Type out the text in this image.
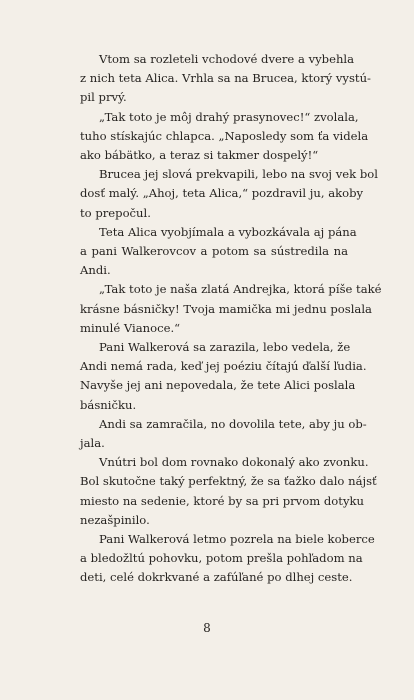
Vtom sa rozleteli vchodové dvere a vybehla
z nich teta Alica. Vrhla sa na Brucea, ktorý vystú-
pil prvý.

„Tak toto je môj drahý prasynovec!“ zvolala,
tuho stískajúc chlapca. „Naposledy som ťa videla
ako bábätko, a teraz si takmer dospelý!“

Brucea jej slová prekvapili, lebo na svoj vek bol
dosť malý. „Ahoj, teta Alica,“ pozdravil ju, akoby
to prepočul.

Teta Alica vyobjímala a vybozkávala aj pána
a pani Walkerovcov a potom sa sústredila na
Andi.

„Tak toto je naša zlatá Andrejka, ktorá píše také
krásne básničky! Tvoja mamička mi jednu poslala
minulé Vianoce.“

Pani Walkerová sa zarazila, lebo vedela, že
Andi nemá rada, keď jej poéziu čítajú ďalší ľudia.
Navyše jej ani nepovedala, že tete Alici poslala
básničku.

Andi sa zamračila, no dovolila tete, aby ju ob-
jala.

Vnútri bol dom rovnako dokonalý ako zvonku.
Bol skutočne taký perfektný, že sa ťažko dalo nájsť
miesto na sedenie, ktoré by sa pri prvom dotyku
nezašpinilo.

Pani Walkerová letmo pozrela na biele koberce
a bledožltú pohovku, potom prešla pohľadom na
deti, celé dokrkvané a zafúľané po dlhej ceste.

8
